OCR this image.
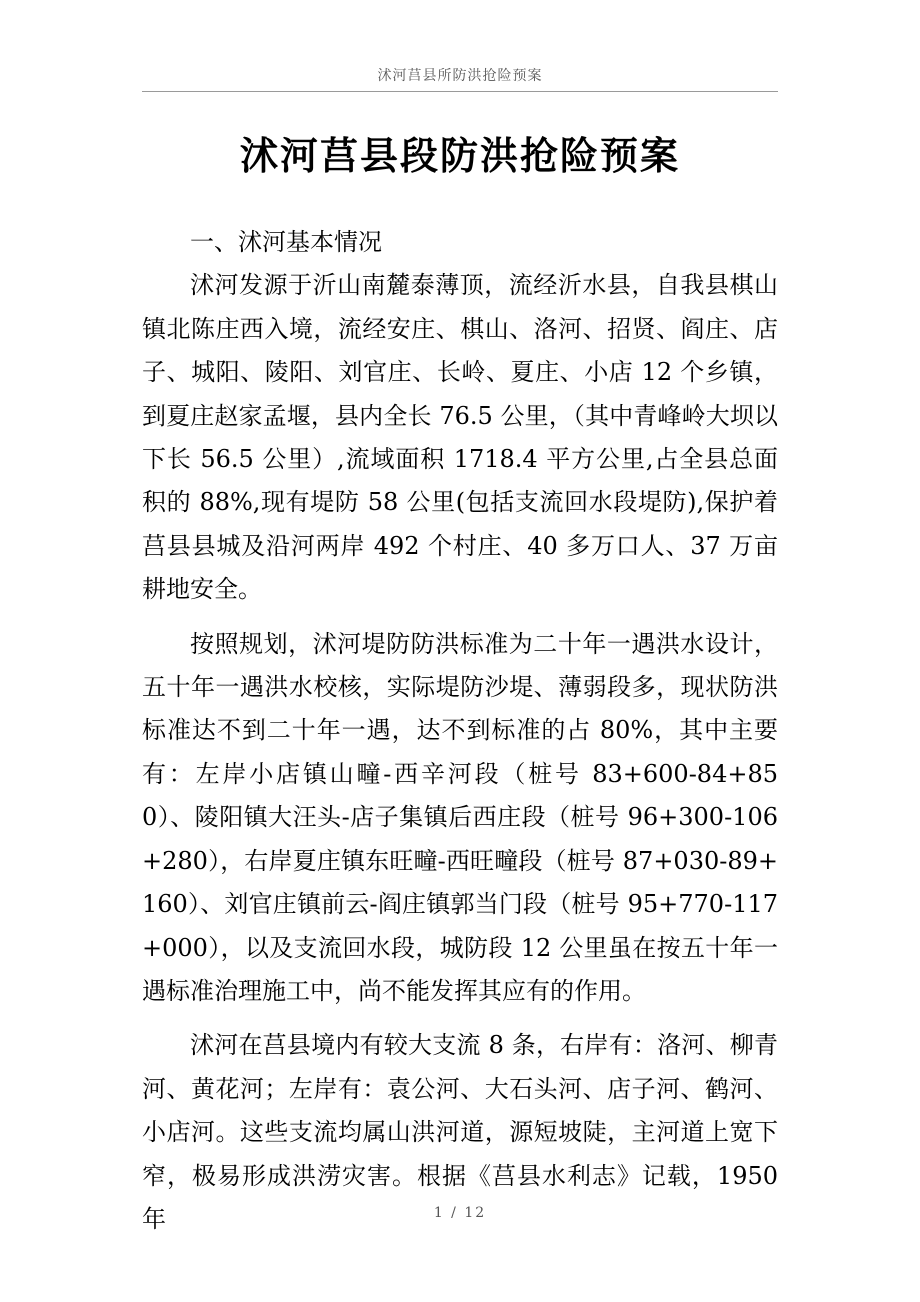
沭河莒县所防洪抢险预案
沭河莒县段防洪抢险预案
一、沭河基本情况

沭河发源于沂山南麓泰薄顶，流经沂水县，自我县棋山镇北陈庄西入境，流经安庄、棋山、洛河、招贤、阎庄、店子、城阳、陵阳、刘官庄、长岭、夏庄、小店 12 个乡镇，到夏庄赵家孟堰，县内全长 76.5 公里，（其中青峰岭大坝以下长 56.5 公里）,流域面积 1718.4 平方公里,占全县总面积的 88%,现有堤防 58 公里(包括支流回水段堤防),保护着莒县县城及沿河两岸 492 个村庄、40 多万口人、37 万亩耕地安全。

按照规划，沭河堤防防洪标准为二十年一遇洪水设计，五十年一遇洪水校核，实际堤防沙堤、薄弱段多，现状防洪标准达不到二十年一遇，达不到标准的占 80%，其中主要有：左岸小店镇山疃-西辛河段（桩号 83+600-84+850）、陵阳镇大汪头-店子集镇后西庄段（桩号 96+300-106+280），右岸夏庄镇东旺疃-西旺疃段（桩号 87+030-89+160）、刘官庄镇前云-阎庄镇郭当门段（桩号 95+770-117+000），以及支流回水段，城防段 12 公里虽在按五十年一遇标准治理施工中，尚不能发挥其应有的作用。

沭河在莒县境内有较大支流 8 条，右岸有：洛河、柳青河、黄花河；左岸有：袁公河、大石头河、店子河、鹤河、小店河。这些支流均属山洪河道，源短坡陡，主河道上宽下窄，极易形成洪涝灾害。根据《莒县水利志》记载，1950 年	1 / 12
